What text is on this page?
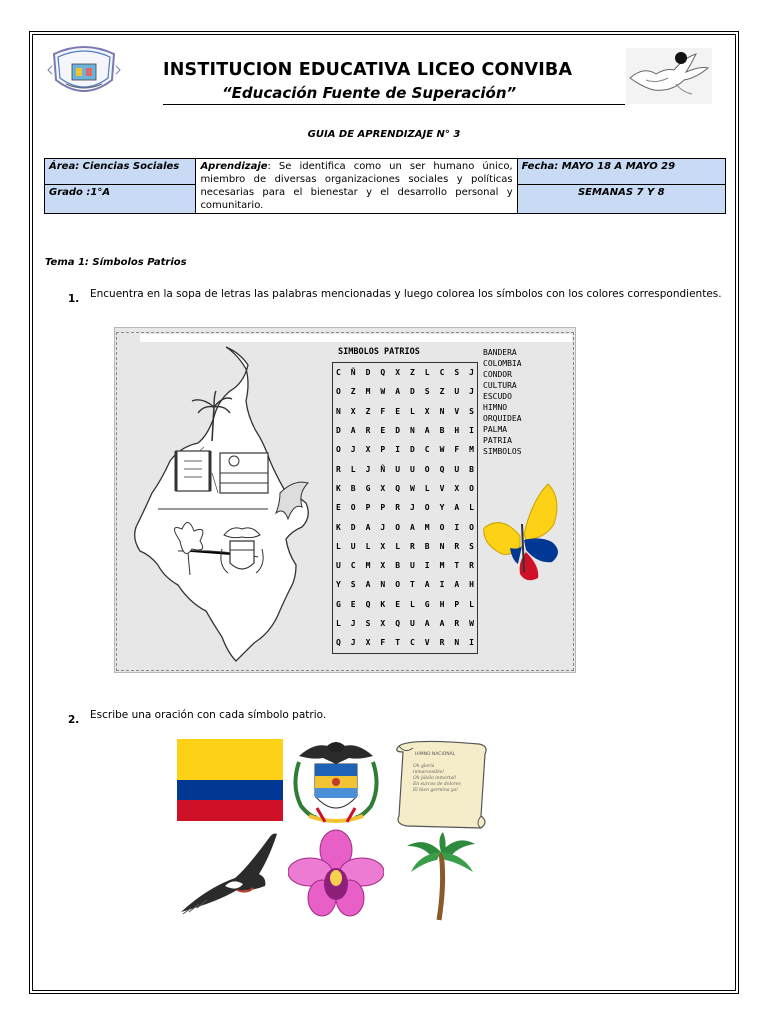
INSTITUCION EDUCATIVA LICEO CONVIBA
“Educación Fuente de Superación”
GUIA DE APRENDIZAJE N° 3
Área: Ciencias Sociales	Aprendizaje: Se identifica como un ser humano único, miembro de diversas organizaciones sociales y políticas necesarias para el bienestar y el desarrollo personal y comunitario.	Fecha: MAYO 18 A MAYO 29
Grado :1°A		SEMANAS 7 Y 8
Tema 1: Símbolos Patrios
1. Encuentra en la sopa de letras las palabras mencionadas y luego colorea los símbolos con los colores correspondientes.
SIMBOLOS PATRIOS
C Ñ D Q X Z L C S J
O Z M W A D S Z U J
N X Z F E L X N V S
D A R E D N A B H I
O J X P I D C W F M
R L J Ñ U U O Q U B
K B G X Q W L V X O
E O P P R J O Y A L
K D A J O A M O I O
L U L X L R B N R S
U C M X B U I M T R
Y S A N O T A I A H
G E Q K E L G H P L
L J S X Q U A A R W
Q J X F T C V R N I
BANDERA
COLOMBIA
CONDOR
CULTURA
ESCUDO
HIMNO
ORQUIDEA
PALMA
PATRIA
SIMBOLOS
2. Escribe una oración con cada símbolo patrio.
HIMNO NACIONAL
Oh gloria
inmarcesible!
Oh júbilo inmortal!
En surcos de dolores
El bien germina ya!
